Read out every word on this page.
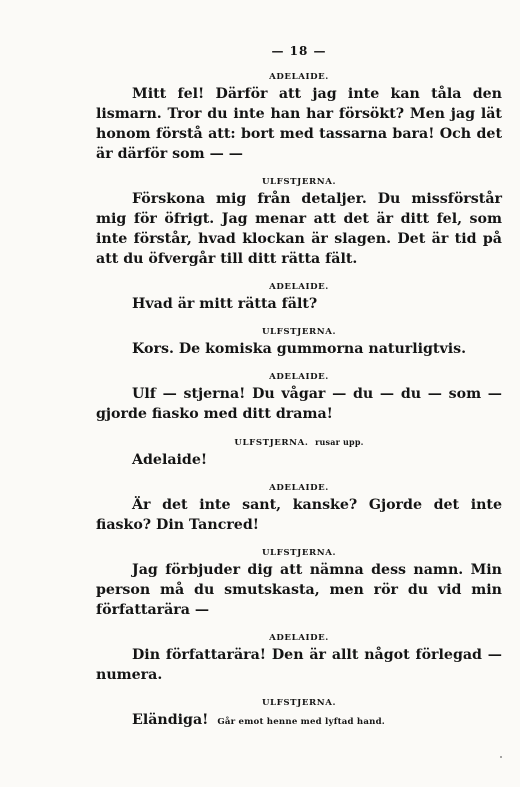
— 18 —

ADELAIDE.

Mitt fel! Därför att jag inte kan tåla den lismarn. Tror du inte han har försökt? Men jag lät honom förstå att: bort med tassarna bara! Och det är därför som — —

ULFSTJERNA.

Förskona mig från detaljer. Du missförstår mig för öfrigt. Jag menar att det är ditt fel, som inte förstår, hvad klockan är slagen. Det är tid på att du öfvergår till ditt rätta fält.

ADELAIDE.

Hvad är mitt rätta fält?

ULFSTJERNA.

Kors. De komiska gummorna naturligtvis.

ADELAIDE.

Ulf — stjerna! Du vågar — du — du — som — gjorde fiasko med ditt drama!

ULFSTJERNA. rusar upp.

Adelaide!

ADELAIDE.

Är det inte sant, kanske? Gjorde det inte fiasko? Din Tancred!

ULFSTJERNA.

Jag förbjuder dig att nämna dess namn. Min person må du smutskasta, men rör du vid min författarära —

ADELAIDE.

Din författarära! Den är allt något förlegad — numera.

ULFSTJERNA.

Eländiga! Går emot henne med lyftad hand.
